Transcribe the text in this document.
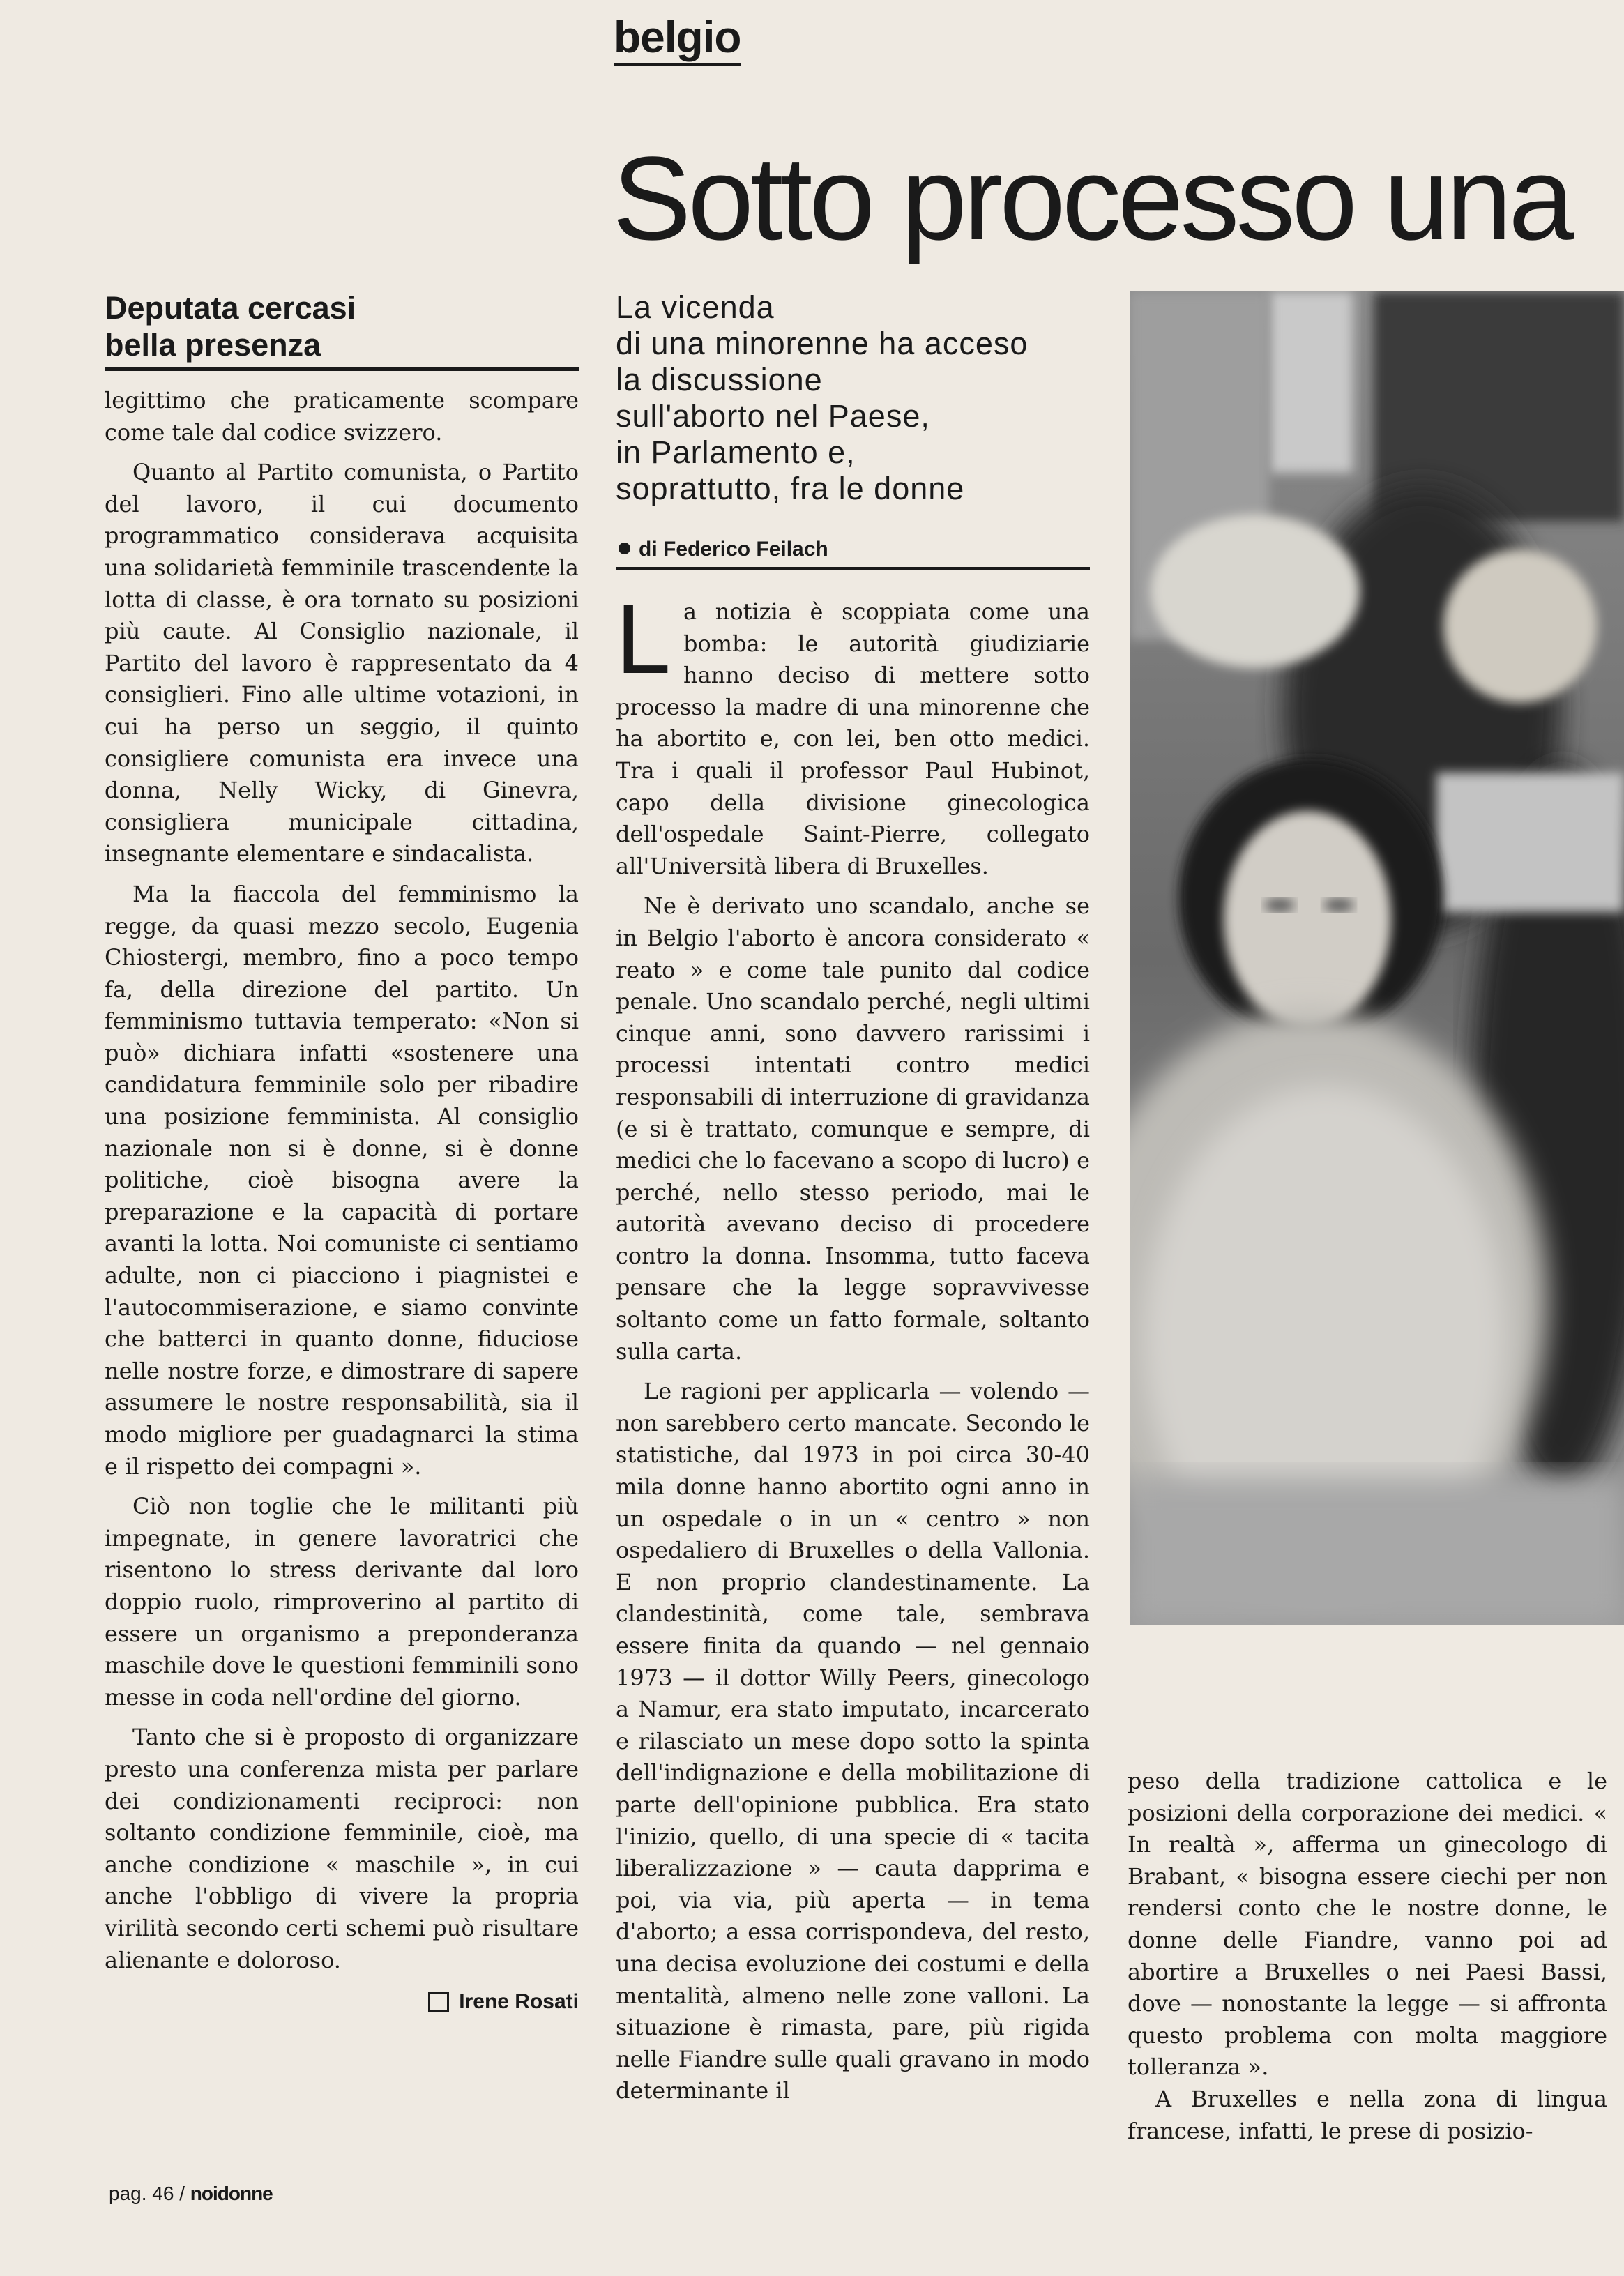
belgio
Sotto processo una
Deputata cercasi
bella presenza

legittimo che praticamente scompare come tale dal codice svizzero.

Quanto al Partito comunista, o Partito del lavoro, il cui documento programmatico considerava acquisita una solidarietà femminile trascendente la lotta di classe, è ora tornato su posizioni più caute. Al Consiglio nazionale, il Partito del lavoro è rappresentato da 4 consiglieri. Fino alle ultime votazioni, in cui ha perso un seggio, il quinto consigliere comunista era invece una donna, Nelly Wicky, di Ginevra, consigliera municipale cittadina, insegnante elementare e sindacalista.

Ma la fiaccola del femminismo la regge, da quasi mezzo secolo, Eugenia Chiostergi, membro, fino a poco tempo fa, della direzione del partito. Un femminismo tuttavia temperato: «Non si può» dichiara infatti «sostenere una candidatura femminile solo per ribadire una posizione femminista. Al consiglio nazionale non si è donne, si è donne politiche, cioè bisogna avere la preparazione e la capacità di portare avanti la lotta. Noi comuniste ci sentiamo adulte, non ci piacciono i piagnistei e l'autocommiserazione, e siamo convinte che batterci in quanto donne, fiduciose nelle nostre forze, e dimostrare di sapere assumere le nostre responsabilità, sia il modo migliore per guadagnarci la stima e il rispetto dei compagni ».

Ciò non toglie che le militanti più impegnate, in genere lavoratrici che risentono lo stress derivante dal loro doppio ruolo, rimproverino al partito di essere un organismo a preponderanza maschile dove le questioni femminili sono messe in coda nell'ordine del giorno.

Tanto che si è proposto di organizzare presto una conferenza mista per parlare dei condizionamenti reciproci: non soltanto condizione femminile, cioè, ma anche condizione « maschile », in cui anche l'obbligo di vivere la propria virilità secondo certi schemi può risultare alienante e doloroso.

Irene Rosati
La vicenda
di una minorenne ha acceso
la discussione
sull'aborto nel Paese,
in Parlamento e,
soprattutto, fra le donne
di Federico Feilach

La notizia è scoppiata come una bomba: le autorità giudiziarie hanno deciso di mettere sotto processo la madre di una minorenne che ha abortito e, con lei, ben otto medici. Tra i quali il professor Paul Hubinot, capo della divisione ginecologica dell'ospedale Saint-Pierre, collegato all'Università libera di Bruxelles.

Ne è derivato uno scandalo, anche se in Belgio l'aborto è ancora considerato « reato » e come tale punito dal codice penale. Uno scandalo perché, negli ultimi cinque anni, sono davvero rarissimi i processi intentati contro medici responsabili di interruzione di gravidanza (e si è trattato, comunque e sempre, di medici che lo facevano a scopo di lucro) e perché, nello stesso periodo, mai le autorità avevano deciso di procedere contro la donna. Insomma, tutto faceva pensare che la legge sopravvivesse soltanto come un fatto formale, soltanto sulla carta.

Le ragioni per applicarla — volendo — non sarebbero certo mancate. Secondo le statistiche, dal 1973 in poi circa 30-40 mila donne hanno abortito ogni anno in un ospedale o in un « centro » non ospedaliero di Bruxelles o della Vallonia. E non proprio clandestinamente. La clandestinità, come tale, sembrava essere finita da quando — nel gennaio 1973 — il dottor Willy Peers, ginecologo a Namur, era stato imputato, incarcerato e rilasciato un mese dopo sotto la spinta dell'indignazione e della mobilitazione di parte dell'opinione pubblica. Era stato l'inizio, quello, di una specie di « tacita liberalizzazione » — cauta dapprima e poi, via via, più aperta — in tema d'aborto; a essa corrispondeva, del resto, una decisa evoluzione dei costumi e della mentalità, almeno nelle zone valloni. La situazione è rimasta, pare, più rigida nelle Fiandre sulle quali gravano in modo determinante il

peso della tradizione cattolica e le posizioni della corporazione dei medici. « In realtà », afferma un ginecologo di Brabant, « bisogna essere ciechi per non rendersi conto che le nostre donne, le donne delle Fiandre, vanno poi ad abortire a Bruxelles o nei Paesi Bassi, dove — nonostante la legge — si affronta questo problema con molta maggiore tolleranza ».

A Bruxelles e nella zona di lingua francese, infatti, le prese di posizio-

pag. 46 / noidonne
